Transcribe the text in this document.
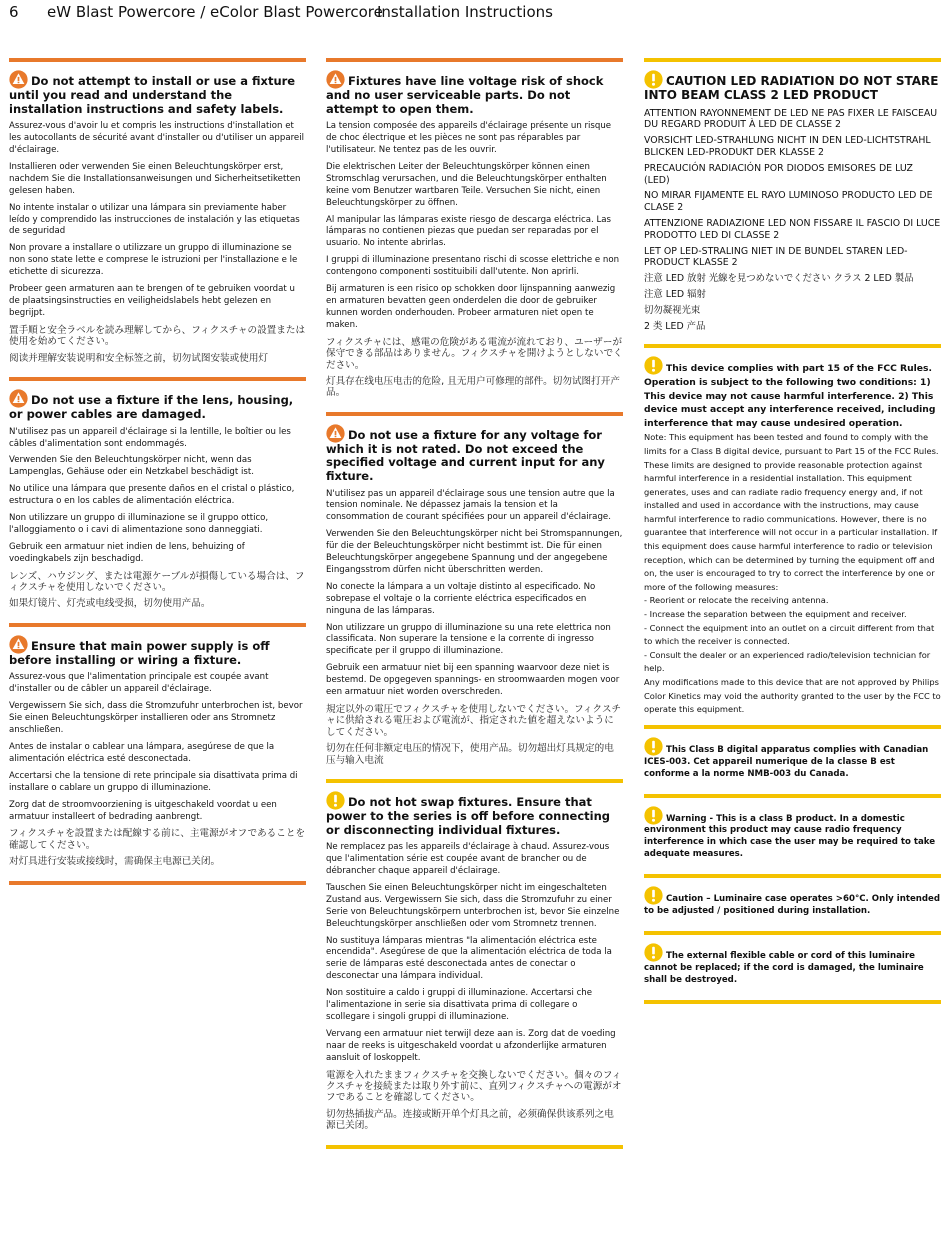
6 eW Blast Powercore / eColor Blast PowercoreInstallation Instructions
Do not attempt to install or use a fixture until you read and understand the installation instructions and safety labels.

Assurez-vous d'avoir lu et compris les instructions d'installation et les autocollants de sécurité avant d'installer ou d'utiliser un appareil d'éclairage.

Installieren oder verwenden Sie einen Beleuchtungskörper erst, nachdem Sie die Installationsanweisungen und Sicherheitsetiketten gelesen haben.

No intente instalar o utilizar una lámpara sin previamente haber leído y comprendido las instrucciones de instalación y las etiquetas de seguridad

Non provare a installare o utilizzare un gruppo di illuminazione se non sono state lette e comprese le istruzioni per l'installazione e le etichette di sicurezza.

Probeer geen armaturen aan te brengen of te gebruiken voordat u de plaatsingsinstructies en veiligheidslabels hebt gelezen en begrijpt.

置手順と安全ラベルを読み理解してから、フィクスチャの設置または使用を始めてください。

阅读并理解安装说明和安全标签之前，切勿试图安装或使用灯

Do not use a fixture if the lens, housing, or power cables are damaged.

N'utilisez pas un appareil d'éclairage si la lentille, le boîtier ou les câbles d'alimentation sont endommagés.

Verwenden Sie den Beleuchtungskörper nicht, wenn das Lampenglas, Gehäuse oder ein Netzkabel beschädigt ist.

No utilice una lámpara que presente daños en el cristal o plástico, estructura o en los cables de alimentación eléctrica.

Non utilizzare un gruppo di illuminazione se il gruppo ottico, l'alloggiamento o i cavi di alimentazione sono danneggiati.

Gebruik een armatuur niet indien de lens, behuizing of voedingkabels zijn beschadigd.

レンズ、ハウジング、または電源ケーブルが損傷している場合は、フィクスチャを使用しないでください。

如果灯镜片、灯壳或电线受损，切勿使用产品。

Ensure that main power supply is off before installing or wiring a fixture.

Assurez-vous que l'alimentation principale est coupée avant d'installer ou de câbler un appareil d'éclairage.

Vergewissern Sie sich, dass die Stromzufuhr unterbrochen ist, bevor Sie einen Beleuchtungskörper installieren oder ans Stromnetz anschließen.

Antes de instalar o cablear una lámpara, asegúrese de que la alimentación eléctrica esté desconectada.

Accertarsi che la tensione di rete principale sia disattivata prima di installare o cablare un gruppo di illuminazione.

Zorg dat de stroomvoorziening is uitgeschakeld voordat u een armatuur installeert of bedrading aanbrengt.

フィクスチャを設置または配線する前に、主電源がオフであることを確認してください。

对灯具进行安装或接线时，需确保主电源已关闭。

Fixtures have line voltage risk of shock and no user serviceable parts. Do not attempt to open them.

La tension composée des appareils d'éclairage présente un risque de choc électrique et les pièces ne sont pas réparables par l'utilisateur. Ne tentez pas de les ouvrir.

Die elektrischen Leiter der Beleuchtungskörper können einen Stromschlag verursachen, und die Beleuchtungskörper enthalten keine vom Benutzer wartbaren Teile. Versuchen Sie nicht, einen Beleuchtungskörper zu öffnen.

Al manipular las lámparas existe riesgo de descarga eléctrica. Las lámparas no contienen piezas que puedan ser reparadas por el usuario. No intente abrirlas.

I gruppi di illuminazione presentano rischi di scosse elettriche e non contengono componenti sostituibili dall'utente. Non aprirli.

Bij armaturen is een risico op schokken door lijnspanning aanwezig en armaturen bevatten geen onderdelen die door de gebruiker kunnen worden onderhouden. Probeer armaturen niet open te maken.

フィクスチャには、感電の危険がある電流が流れており、ユーザーが保守できる部品はありません。フィクスチャを開けようとしないでください。

灯具存在线电压电击的危险, 且无用户可修理的部件。切勿试图打开产品。

Do not use a fixture for any voltage for which it is not rated. Do not exceed the specified voltage and current input for any fixture.

N'utilisez pas un appareil d'éclairage sous une tension autre que la tension nominale. Ne dépassez jamais la tension et la consommation de courant spécifiées pour un appareil d'éclairage.

Verwenden Sie den Beleuchtungskörper nicht bei Stromspannungen, für die der Beleuchtungskörper nicht bestimmt ist. Die für einen Beleuchtungskörper angegebene Spannung und der angegebene Eingangsstrom dürfen nicht überschritten werden.

No conecte la lámpara a un voltaje distinto al especificado. No sobrepase el voltaje o la corriente eléctrica especificados en ninguna de las lámparas.

Non utilizzare un gruppo di illuminazione su una rete elettrica non classificata. Non superare la tensione e la corrente di ingresso specificate per il gruppo di illuminazione.

Gebruik een armatuur niet bij een spanning waarvoor deze niet is bestemd. De opgegeven spannings- en stroomwaarden mogen voor een armatuur niet worden overschreden.

規定以外の電圧でフィクスチャを使用しないでください。フィクスチャに供給される電圧および電流が、指定された値を超えないようにしてください。

切勿在任何非额定电压的情况下，使用产品。切勿超出灯具规定的电压与输入电流

Do not hot swap fixtures. Ensure that power to the series is off before connecting or disconnecting individual fixtures.

Ne remplacez pas les appareils d'éclairage à chaud. Assurez-vous que l'alimentation série est coupée avant de brancher ou de débrancher chaque appareil d'éclairage.

Tauschen Sie einen Beleuchtungskörper nicht im eingeschalteten Zustand aus. Vergewissern Sie sich, dass die Stromzufuhr zu einer Serie von Beleuchtungskörpern unterbrochen ist, bevor Sie einzelne Beleuchtungskörper anschließen oder vom Stromnetz trennen.

No sustituya lámparas mientras "la alimentación eléctrica este encendida". Asegúrese de que la alimentación eléctrica de toda la serie de lámparas esté desconectada antes de conectar o desconectar una lámpara individual.

Non sostituire a caldo i gruppi di illuminazione. Accertarsi che l'alimentazione in serie sia disattivata prima di collegare o scollegare i singoli gruppi di illuminazione.

Vervang een armatuur niet terwijl deze aan is. Zorg dat de voeding naar de reeks is uitgeschakeld voordat u afzonderlijke armaturen aansluit of loskoppelt.

電源を入れたままフィクスチャを交換しないでください。個々のフィクスチャを接続または取り外す前に、直列フィクスチャへの電源がオフであることを確認してください。

切勿热插拔产品。连接或断开单个灯具之前，必须确保供该系列之电源已关闭。

CAUTION LED RADIATION DO NOT STARE INTO BEAM CLASS 2 LED PRODUCT

ATTENTION RAYONNEMENT DE LED NE PAS FIXER LE FAISCEAU DU REGARD PRODUIT À LED DE CLASSE 2

VORSICHT LED-STRAHLUNG NICHT IN DEN LED-LICHTSTRAHL BLICKEN LED-PRODUKT DER KLASSE 2

PRECAUCIÓN RADIACIÓN POR DIODOS EMISORES DE LUZ (LED)

NO MIRAR FIJAMENTE EL RAYO LUMINOSO PRODUCTO LED DE CLASE 2

ATTENZIONE RADIAZIONE LED NON FISSARE IL FASCIO DI LUCE PRODOTTO LED DI CLASSE 2

LET OP LED-STRALING NIET IN DE BUNDEL STAREN LED-PRODUCT KLASSE 2

注意 LED 放射 光線を見つめないでください クラス 2 LED 製品

注意 LED 辐射

切勿凝视光束

2 类 LED 产品

This device complies with part 15 of the FCC Rules. Operation is subject to the following two conditions: 1) This device may not cause harmful interference. 2) This device must accept any interference received, including interference that may cause undesired operation.

Note: This equipment has been tested and found to comply with the limits for a Class B digital device, pursuant to Part 15 of the FCC Rules. These limits are designed to provide reasonable protection against harmful interference in a residential installation. This equipment generates, uses and can radiate radio frequency energy and, if not installed and used in accordance with the instructions, may cause harmful interference to radio communications. However, there is no guarantee that interference will not occur in a particular installation. If this equipment does cause harmful interference to radio or television reception, which can be determined by turning the equipment off and on, the user is encouraged to try to correct the interference by one or more of the following measures:

- Reorient or relocate the receiving antenna.

- Increase the separation between the equipment and receiver.

- Connect the equipment into an outlet on a circuit different from that to which the receiver is connected.

- Consult the dealer or an experienced radio/television technician for help.

Any modifications made to this device that are not approved by Philips Color Kinetics may void the authority granted to the user by the FCC to operate this equipment.

This Class B digital apparatus complies with Canadian ICES-003. Cet appareil numerique de la classe B est conforme a la norme NMB-003 du Canada.

Warning - This is a class B product. In a domestic environment this product may cause radio frequency interference in which case the user may be required to take adequate measures.

Caution – Luminaire case operates >60°C. Only intended to be adjusted / positioned during installation.

The external flexible cable or cord of this luminaire cannot be replaced; if the cord is damaged, the luminaire shall be destroyed.
